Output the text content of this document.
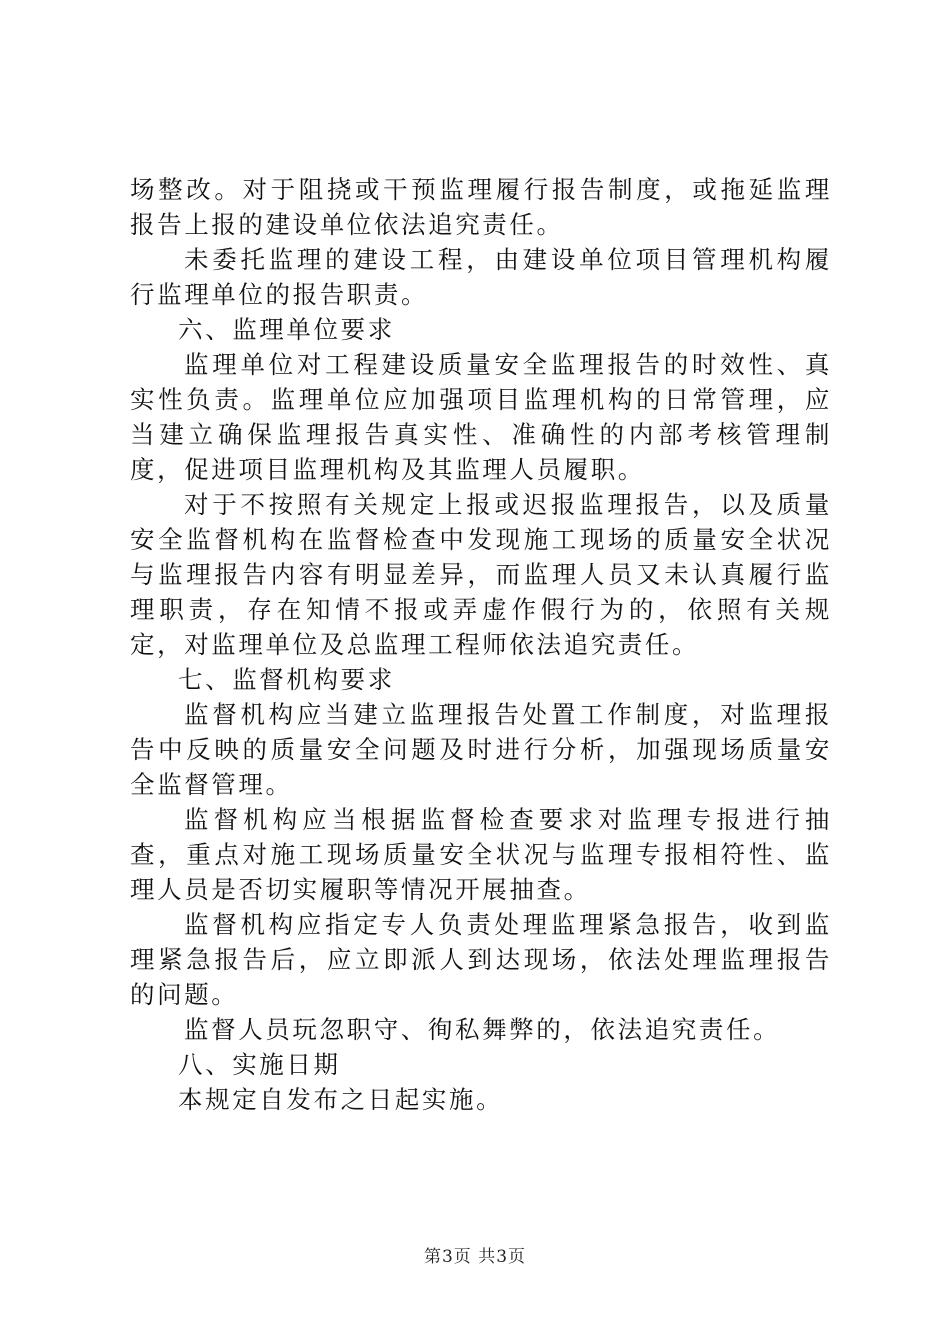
场整改。对于阻挠或干预监理履行报告制度，或拖延监理报告上报的建设单位依法追究责任。

未委托监理的建设工程，由建设单位项目管理机构履行监理单位的报告职责。

六、监理单位要求

监理单位对工程建设质量安全监理报告的时效性、真实性负责。监理单位应加强项目监理机构的日常管理，应当建立确保监理报告真实性、准确性的内部考核管理制度，促进项目监理机构及其监理人员履职。

对于不按照有关规定上报或迟报监理报告，以及质量安全监督机构在监督检查中发现施工现场的质量安全状况与监理报告内容有明显差异，而监理人员又未认真履行监理职责，存在知情不报或弄虚作假行为的，依照有关规定，对监理单位及总监理工程师依法追究责任。

七、监督机构要求

监督机构应当建立监理报告处置工作制度，对监理报告中反映的质量安全问题及时进行分析，加强现场质量安全监督管理。

监督机构应当根据监督检查要求对监理专报进行抽查，重点对施工现场质量安全状况与监理专报相符性、监理人员是否切实履职等情况开展抽查。

监督机构应指定专人负责处理监理紧急报告，收到监理紧急报告后，应立即派人到达现场，依法处理监理报告的问题。

监督人员玩忽职守、徇私舞弊的，依法追究责任。

八、实施日期

本规定自发布之日起实施。

第3页 共3页
